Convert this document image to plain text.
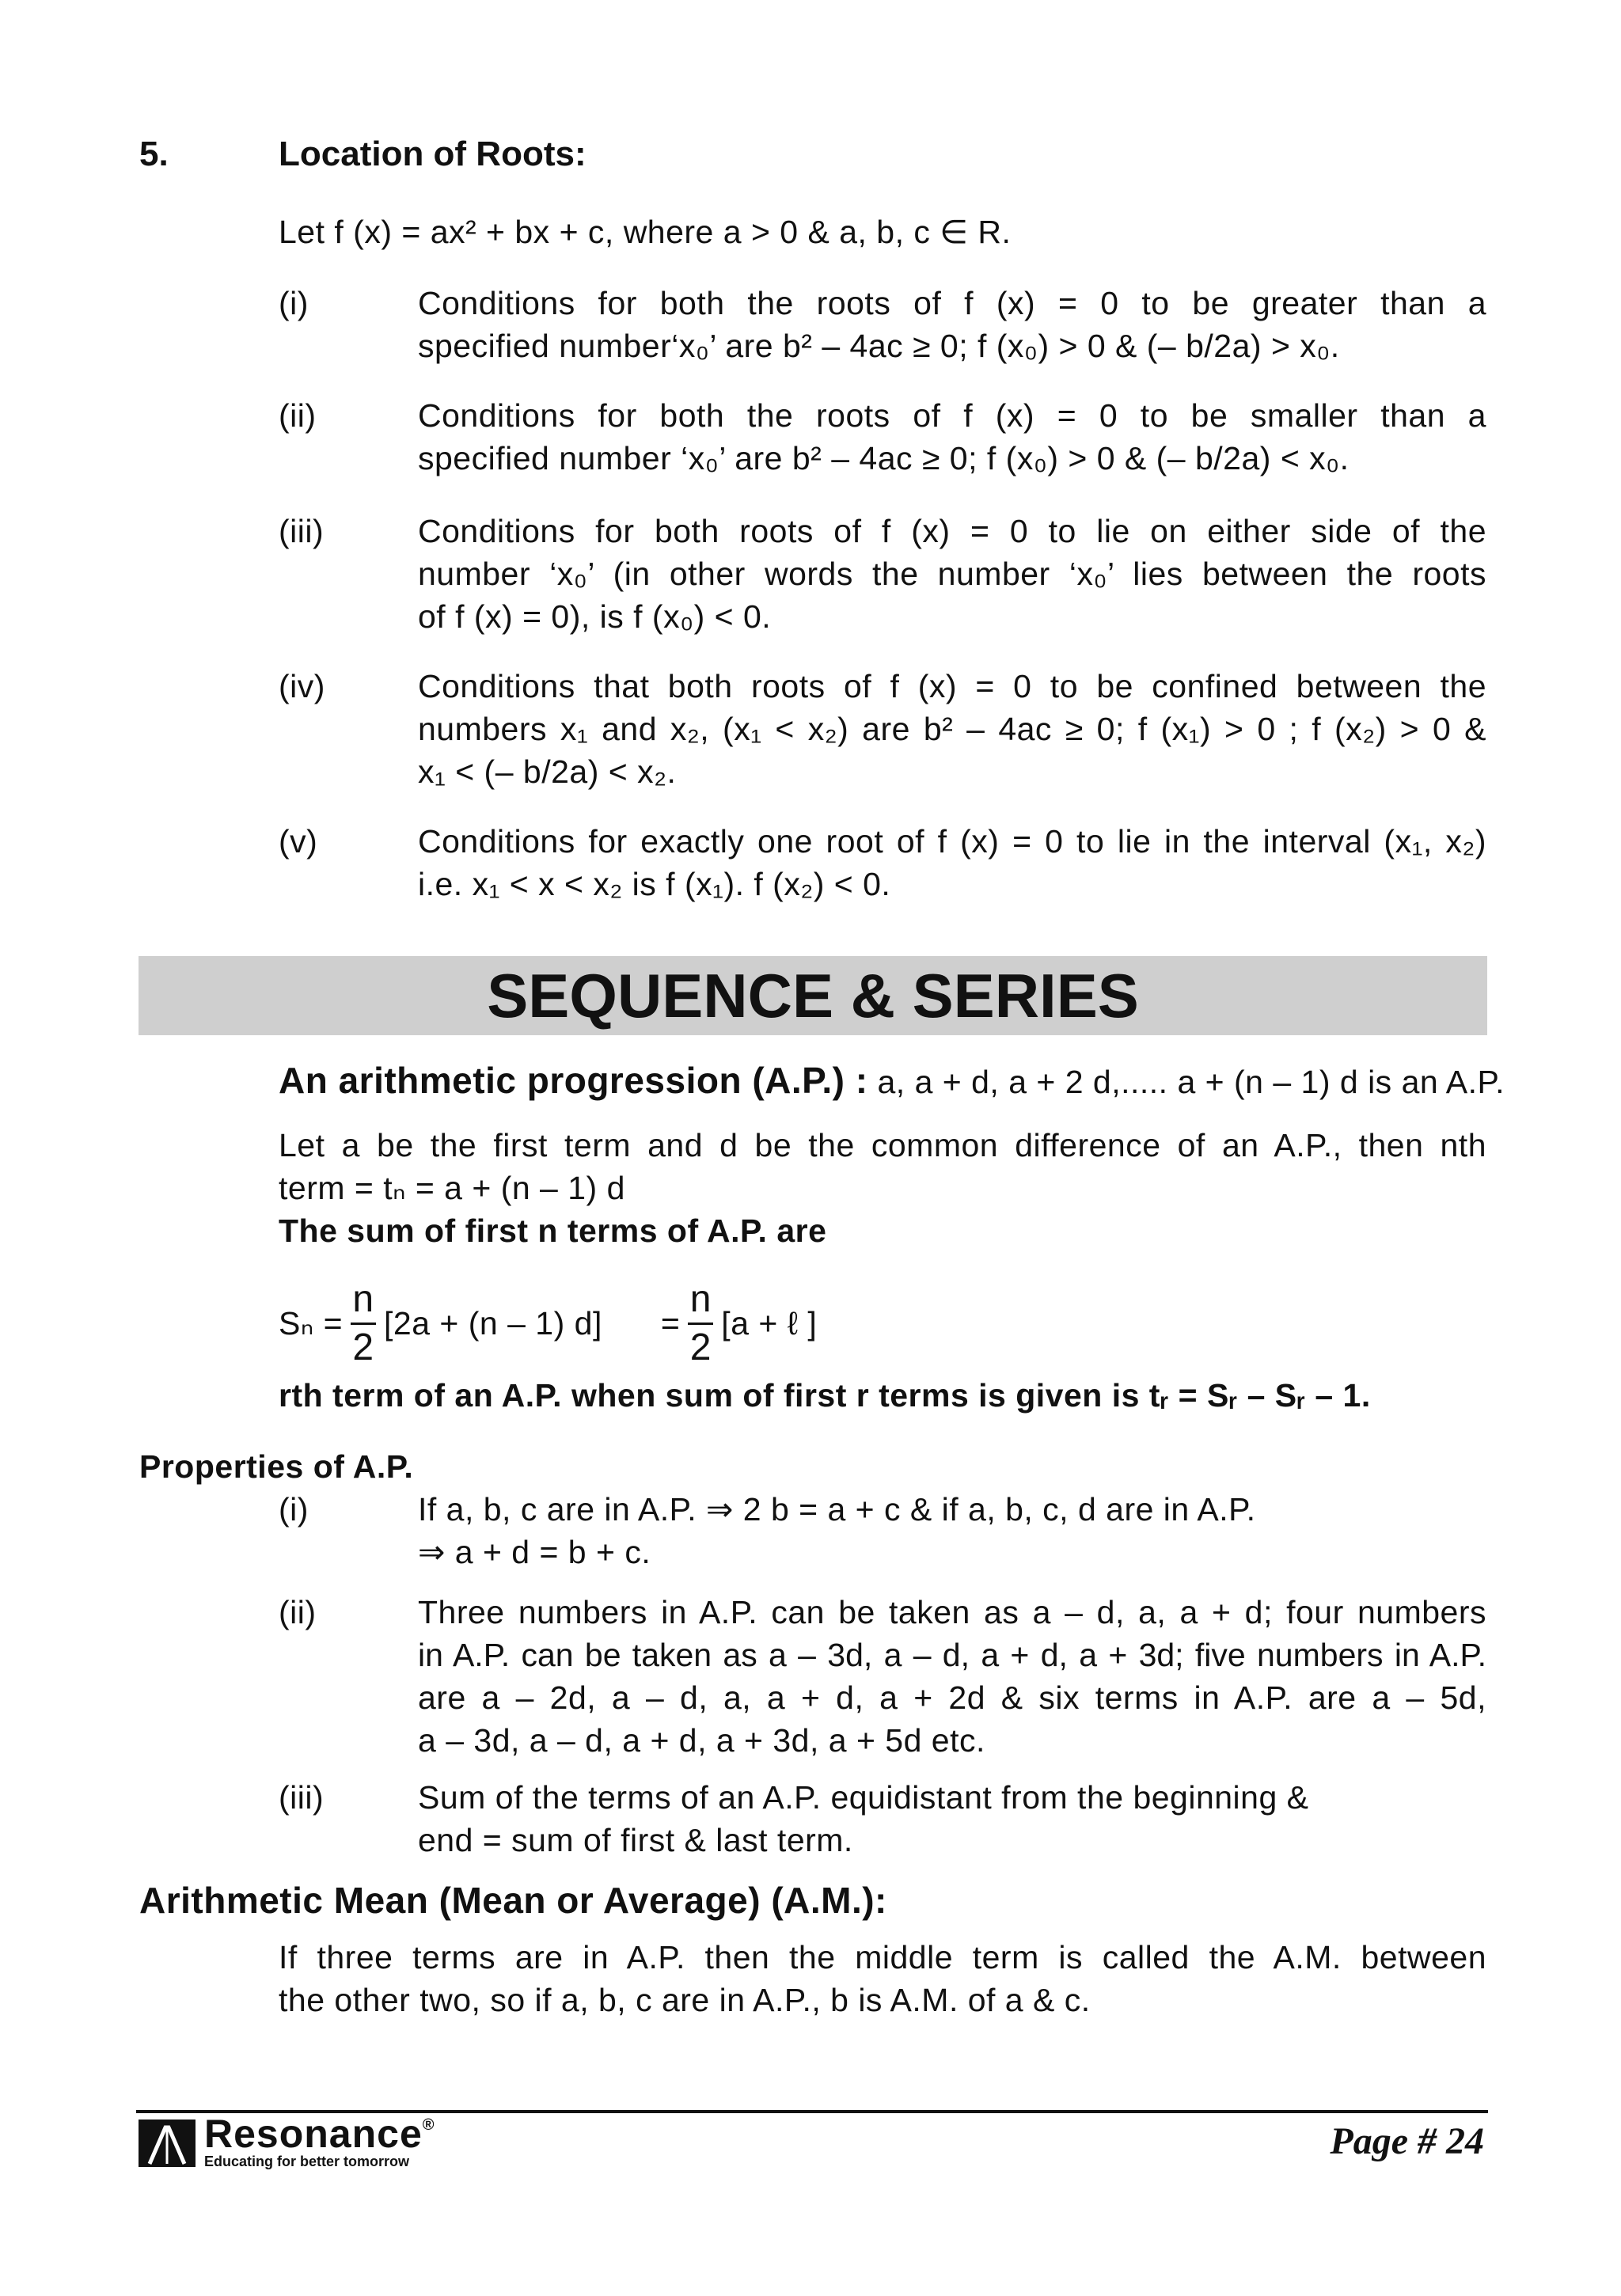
5.	Location of Roots:
Let f (x) = ax² + bx + c, where a > 0 & a, b, c ∈ R.
(i)	Conditions for both the roots of f (x) = 0 to be greater than a
specified number‘x₀’ are b² – 4ac ≥ 0; f (x₀) > 0 & (– b/2a) > x₀.
(ii)	Conditions for both the roots of f (x) = 0 to be smaller than a
specified number ‘x₀’ are b² – 4ac ≥ 0; f (x₀) > 0 & (– b/2a) < x₀.
(iii)	Conditions for both roots of f (x) = 0 to lie on either side of the
number ‘x₀’ (in other words the number ‘x₀’ lies between the roots
of f (x) = 0), is f (x₀) < 0.
(iv)	Conditions that both roots of f (x) = 0 to be confined between the
numbers x₁ and x₂, (x₁ < x₂) are b² – 4ac ≥ 0; f (x₁) > 0 ; f (x₂) > 0 &
x₁ < (– b/2a) < x₂.
(v)	Conditions for exactly one root of f (x) = 0 to lie in the interval (x₁, x₂)
i.e. x₁ < x < x₂ is f (x₁). f (x₂) < 0.
SEQUENCE & SERIES
An arithmetic progression (A.P.) : a, a + d, a + 2 d,..... a + (n – 1) d is an A.P.
Let a be the first term and d be the common difference of an A.P., then nth
term = tₙ = a + (n – 1) d
The sum of first n terms of A.P. are
$S_n = \frac{n}{2} [2a + (n - 1) d] = \frac{n}{2} [a$ + ℓ ]
rth term of an A.P. when sum of first r terms is given is tᵣ = Sᵣ – Sᵣ – 1.
Properties of A.P.
(i)	If a, b, c are in A.P. ⇒ 2 b = a + c & if a, b, c, d are in A.P.
⇒ a + d = b + c.
(ii)	Three numbers in A.P. can be taken as a – d, a, a + d; four numbers
in A.P. can be taken as a – 3d, a – d, a + d, a + 3d; five numbers in A.P.
are a – 2d, a – d, a, a + d, a + 2d & six terms in A.P. are a – 5d,
a – 3d, a – d, a + d, a + 3d, a + 5d etc.
(iii)	Sum of the terms of an A.P. equidistant from the beginning &
end = sum of first & last term.
Arithmetic Mean (Mean or Average) (A.M.):
If three terms are in A.P. then the middle term is called the A.M. between
the other two, so if a, b, c are in A.P., b is A.M. of a & c.
Resonance®
Educating for better tomorrow	Page # 24
